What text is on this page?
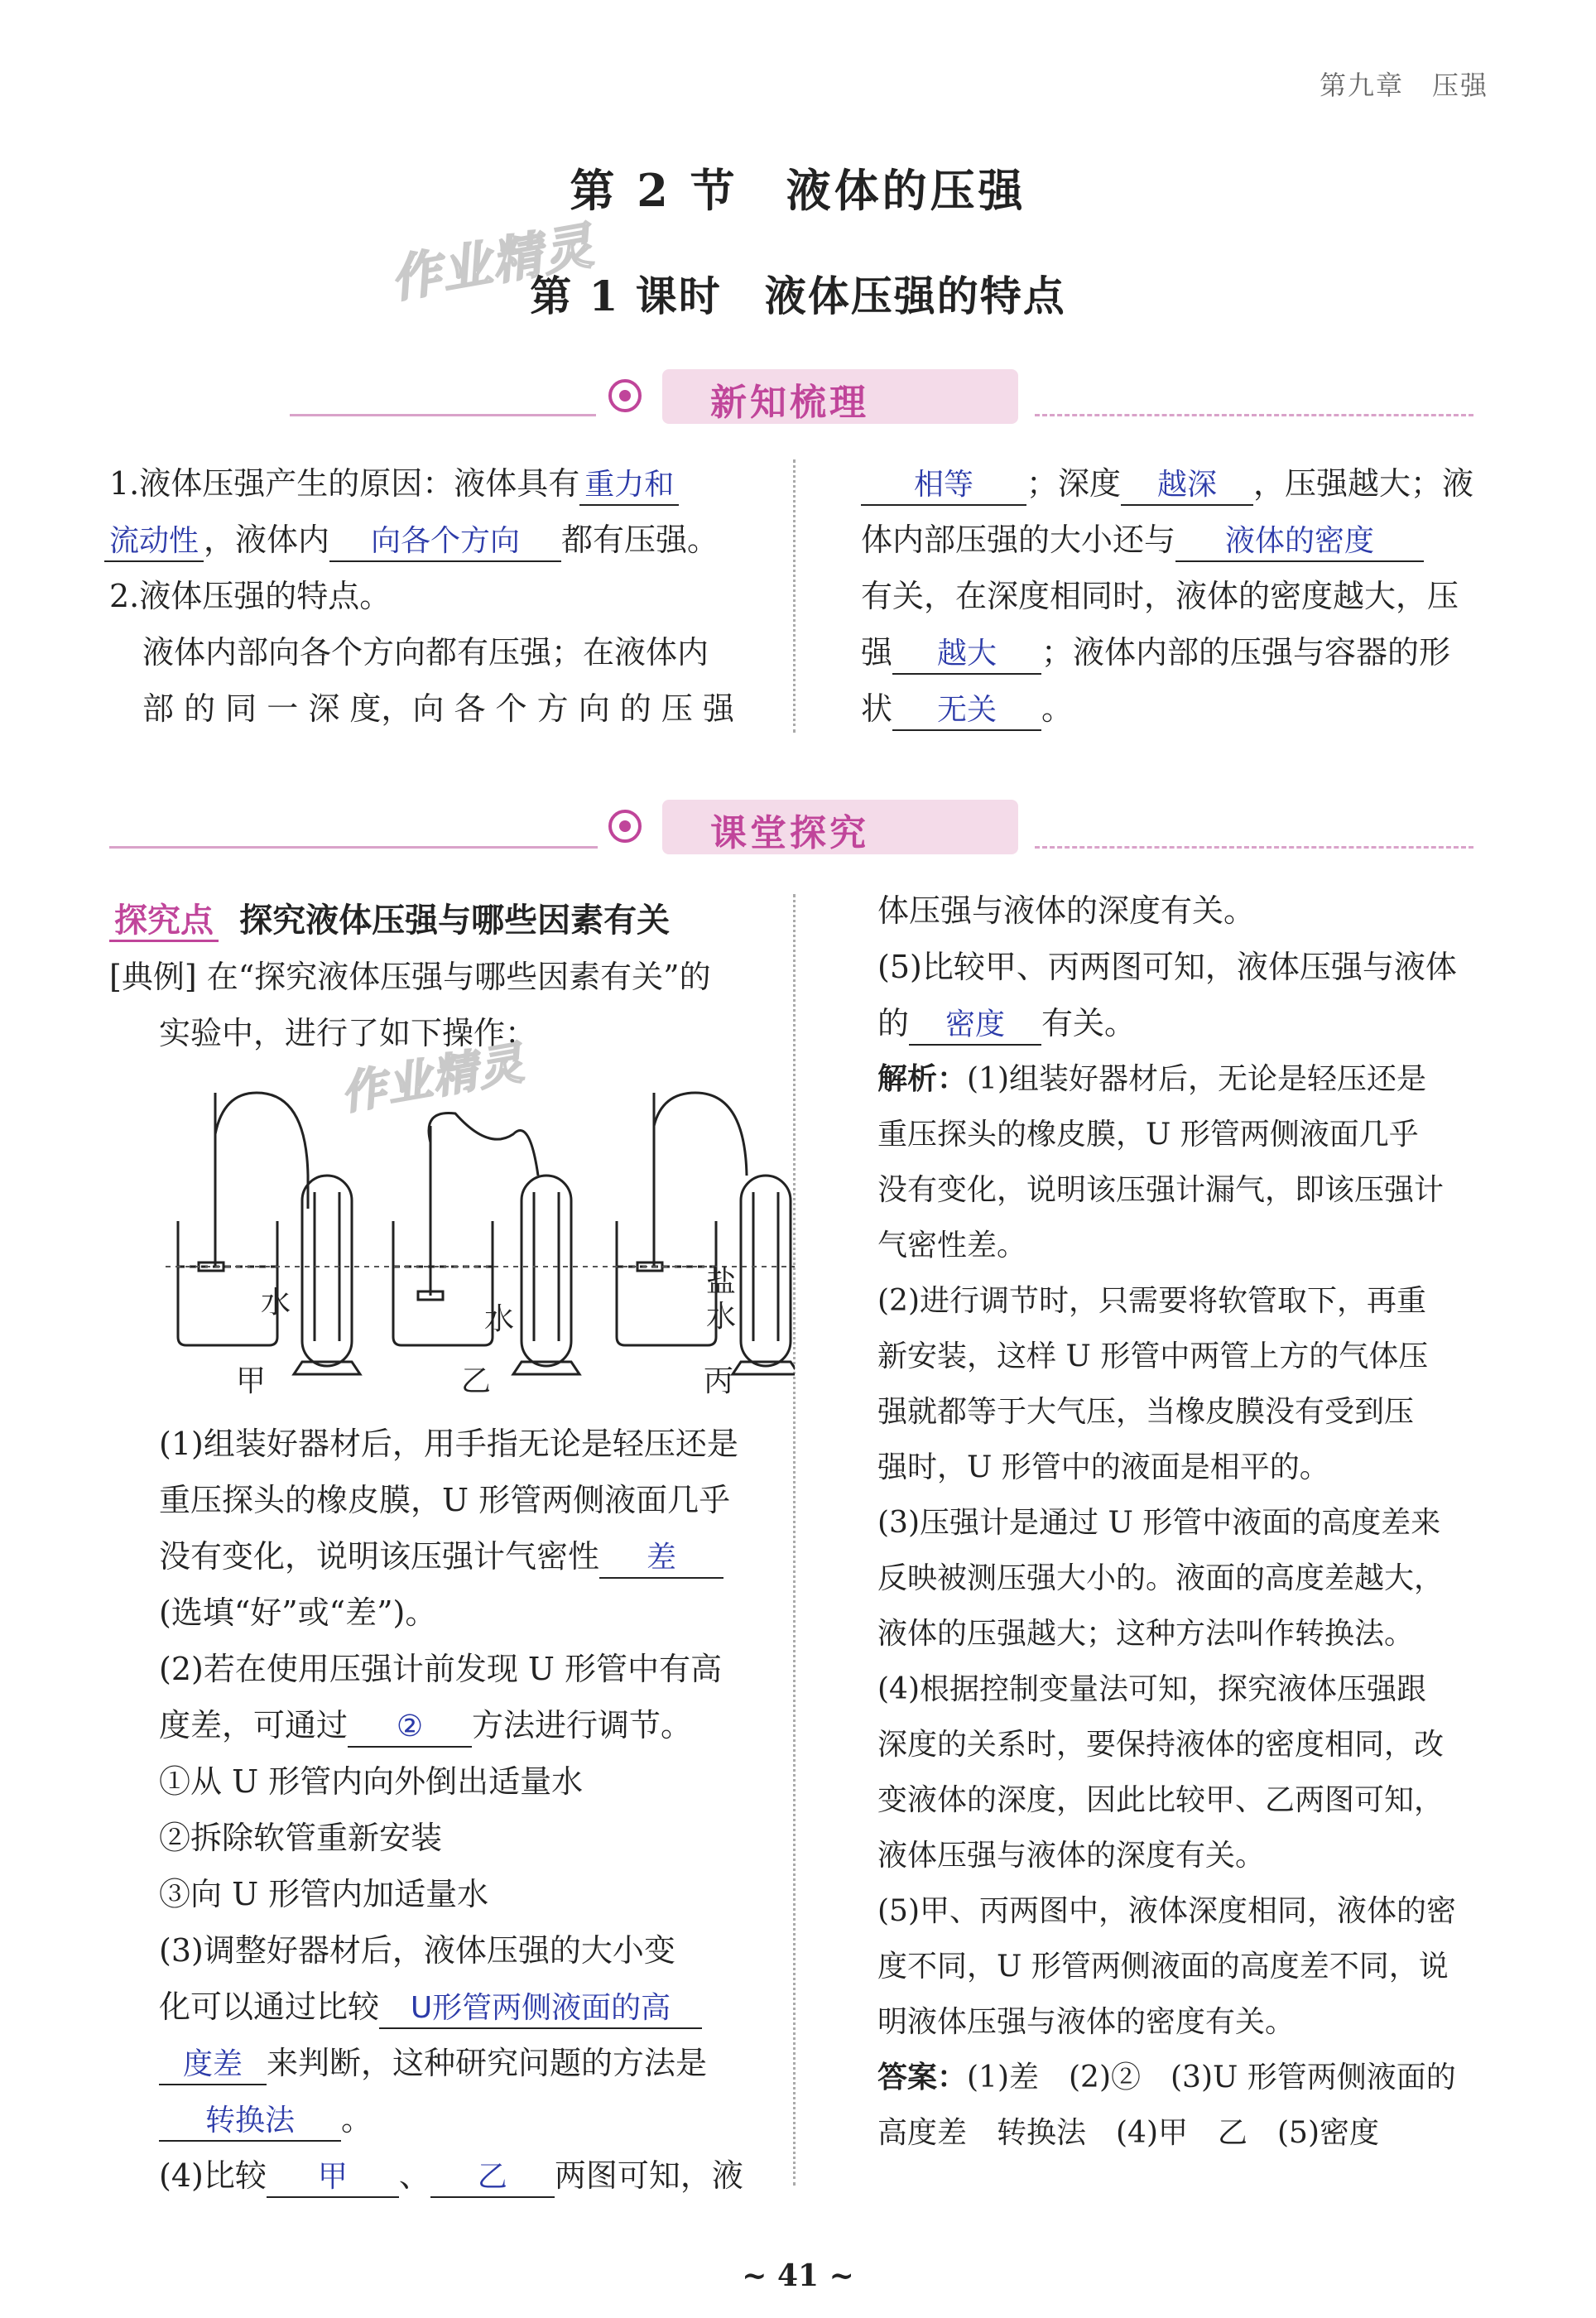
第九章　压强
第 2 节　液体的压强
作业精灵
第 1 课时　液体压强的特点
新知梳理
1.液体压强产生的原因：液体具有 重力和
流动性 ，液体内 向各个方向 都有压强。
2.液体压强的特点。
液体内部向各个方向都有压强；在液体内
部 的 同 一 深 度，向 各 个 方 向 的 压 强
相等 ；深度 越深 ，压强越大；液
体内部压强的大小还与 液体的密度
有关，在深度相同时，液体的密度越大，压
强 越大 ；液体内部的压强与容器的形
状 无关 。
课堂探究
探究点 探究液体压强与哪些因素有关
[典例] 在“探究液体压强与哪些因素有关”的
实验中，进行了如下操作：
作业精灵
水	水
盐
水
甲	乙	丙
(1)组装好器材后，用手指无论是轻压还是
重压探头的橡皮膜，U 形管两侧液面几乎
没有变化，说明该压强计气密性 差
(选填“好”或“差”)。
(2)若在使用压强计前发现 U 形管中有高
度差，可通过 ② 方法进行调节。
①从 U 形管内向外倒出适量水
②拆除软管重新安装
③向 U 形管内加适量水
(3)调整好器材后，液体压强的大小变
化可以通过比较 U形管两侧液面的高
度差 来判断，这种研究问题的方法是
转换法 。
(4)比较 甲 、 乙 两图可知，液
体压强与液体的深度有关。
(5)比较甲、丙两图可知，液体压强与液体
的 密度 有关。
解析：(1)组装好器材后，无论是轻压还是
重压探头的橡皮膜，U 形管两侧液面几乎
没有变化，说明该压强计漏气，即该压强计
气密性差。
(2)进行调节时，只需要将软管取下，再重
新安装，这样 U 形管中两管上方的气体压
强就都等于大气压，当橡皮膜没有受到压
强时，U 形管中的液面是相平的。
(3)压强计是通过 U 形管中液面的高度差来
反映被测压强大小的。液面的高度差越大，
液体的压强越大；这种方法叫作转换法。
(4)根据控制变量法可知，探究液体压强跟
深度的关系时，要保持液体的密度相同，改
变液体的深度，因此比较甲、乙两图可知，
液体压强与液体的深度有关。
(5)甲、丙两图中，液体深度相同，液体的密
度不同，U 形管两侧液面的高度差不同，说
明液体压强与液体的密度有关。
答案：(1)差　(2)②　(3)U 形管两侧液面的
高度差　转换法　(4)甲　乙　(5)密度
~ 41 ~
